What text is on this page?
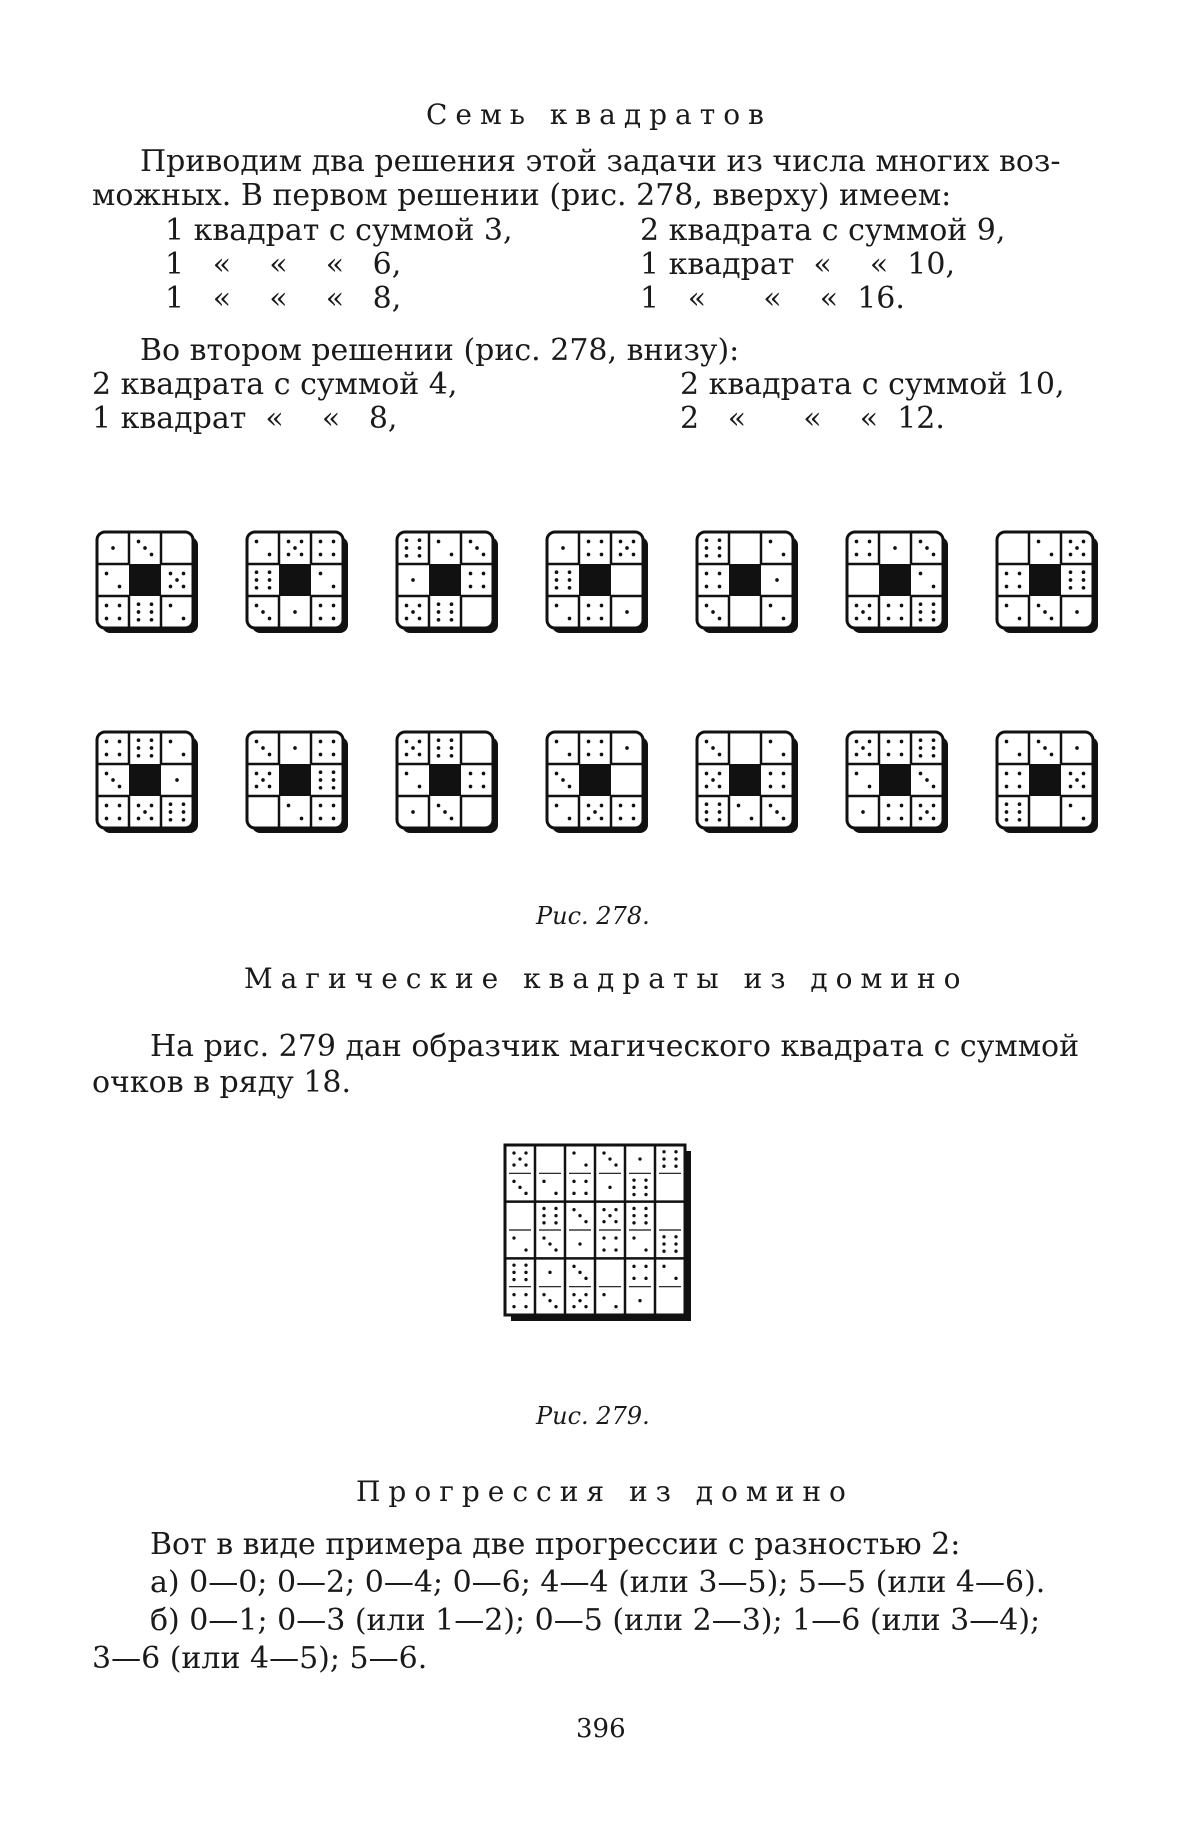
Семь квадратов
Приводим два решения этой задачи из числа многих воз-
можных. В первом решении (рис. 278, вверху) имеем:
1 квадрат с суммой 3,	2 квадрата с суммой 9,
1   «    «    «   6,	1 квадрат  «    «  10,
1   «    «    «   8,	1   «      «    «  16.
Во втором решении (рис. 278, внизу):
2 квадрата с суммой 4,	2 квадрата с суммой 10,
1 квадрат  «    «   8,	2   «      «    «  12.
Рис. 278.
Магические квадраты из домино
На рис. 279 дан образчик магического квадрата с суммой
очков в ряду 18.
Рис. 279.
Прогрессия из домино
Вот в виде примера две прогрессии с разностью 2:
а) 0—0; 0—2; 0—4; 0—6; 4—4 (или 3—5); 5—5 (или 4—6).
б) 0—1; 0—3 (или 1—2); 0—5 (или 2—3); 1—6 (или 3—4);
3—6 (или 4—5); 5—6.
396
